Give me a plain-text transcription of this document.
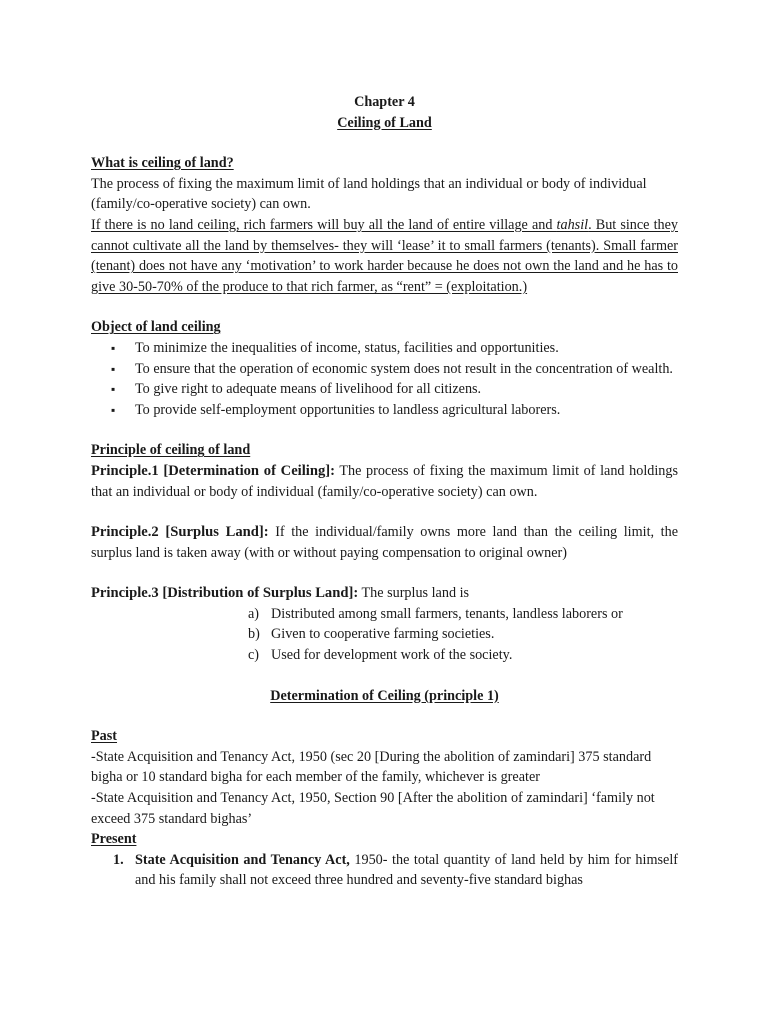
Chapter 4

Ceiling of Land

What is ceiling of land?

The process of fixing the maximum limit of land holdings that an individual or body of individual (family/co-operative society) can own.

If there is no land ceiling, rich farmers will buy all the land of entire village and tahsil. But since they cannot cultivate all the land by themselves- they will ‘lease’ it to small farmers (tenants). Small farmer (tenant) does not have any ‘motivation’ to work harder because he does not own the land and he has to give 30-50-70% of the produce to that rich farmer, as “rent” = (exploitation.)

Object of land ceiling

▪ To minimize the inequalities of income, status, facilities and opportunities.
▪ To ensure that the operation of economic system does not result in the concentration of wealth.
▪ To give right to adequate means of livelihood for all citizens.
▪ To provide self-employment opportunities to landless agricultural laborers.

Principle of ceiling of land

Principle.1 [Determination of Ceiling]: The process of fixing the maximum limit of land holdings that an individual or body of individual (family/co-operative society) can own.

Principle.2 [Surplus Land]: If the individual/family owns more land than the ceiling limit, the surplus land is taken away (with or without paying compensation to original owner)

Principle.3 [Distribution of Surplus Land]: The surplus land is

a) Distributed among small farmers, tenants, landless laborers or
b) Given to cooperative farming societies.
c) Used for development work of the society.

Determination of Ceiling (principle 1)

Past

-State Acquisition and Tenancy Act, 1950 (sec 20 [During the abolition of zamindari] 375 standard bigha or 10 standard bigha for each member of the family, whichever is greater

-State Acquisition and Tenancy Act, 1950, Section 90 [After the abolition of zamindari] ‘family not exceed 375 standard bighas’

Present

1. State Acquisition and Tenancy Act, 1950- the total quantity of land held by him for himself and his family shall not exceed three hundred and seventy-five standard bighas
